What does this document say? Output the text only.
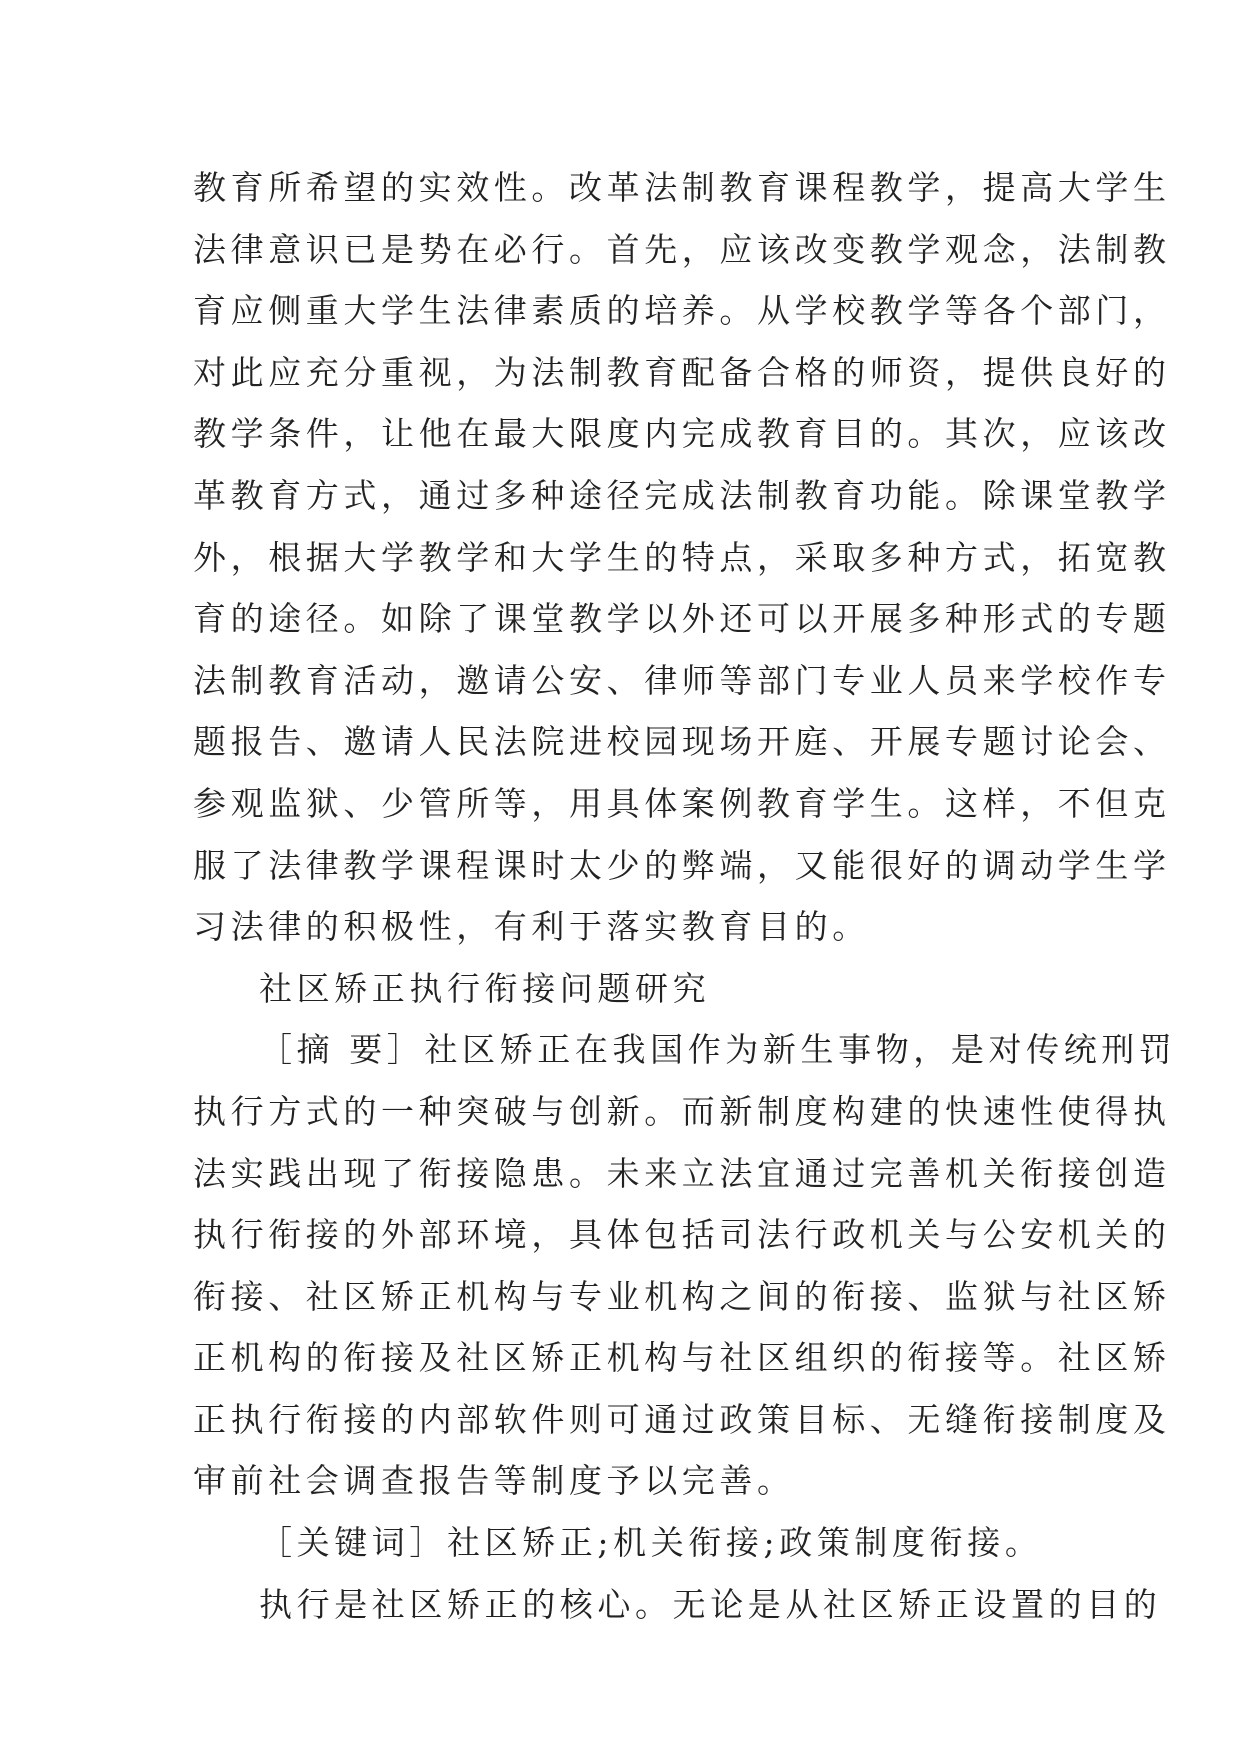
教育所希望的实效性。改革法制教育课程教学，提高大学生
法律意识已是势在必行。首先，应该改变教学观念，法制教
育应侧重大学生法律素质的培养。从学校教学等各个部门，
对此应充分重视，为法制教育配备合格的师资，提供良好的
教学条件，让他在最大限度内完成教育目的。其次，应该改
革教育方式，通过多种途径完成法制教育功能。除课堂教学
外，根据大学教学和大学生的特点，采取多种方式，拓宽教
育的途径。如除了课堂教学以外还可以开展多种形式的专题
法制教育活动，邀请公安、律师等部门专业人员来学校作专
题报告、邀请人民法院进校园现场开庭、开展专题讨论会、
参观监狱、少管所等，用具体案例教育学生。这样，不但克
服了法律教学课程课时太少的弊端，又能很好的调动学生学
习法律的积极性，有利于落实教育目的。
社区矫正执行衔接问题研究
［摘 要］社区矫正在我国作为新生事物，是对传统刑罚
执行方式的一种突破与创新。而新制度构建的快速性使得执
法实践出现了衔接隐患。未来立法宜通过完善机关衔接创造
执行衔接的外部环境，具体包括司法行政机关与公安机关的
衔接、社区矫正机构与专业机构之间的衔接、监狱与社区矫
正机构的衔接及社区矫正机构与社区组织的衔接等。社区矫
正执行衔接的内部软件则可通过政策目标、无缝衔接制度及
审前社会调查报告等制度予以完善。
［关键词］社区矫正;机关衔接;政策制度衔接。
执行是社区矫正的核心。无论是从社区矫正设置的目的
